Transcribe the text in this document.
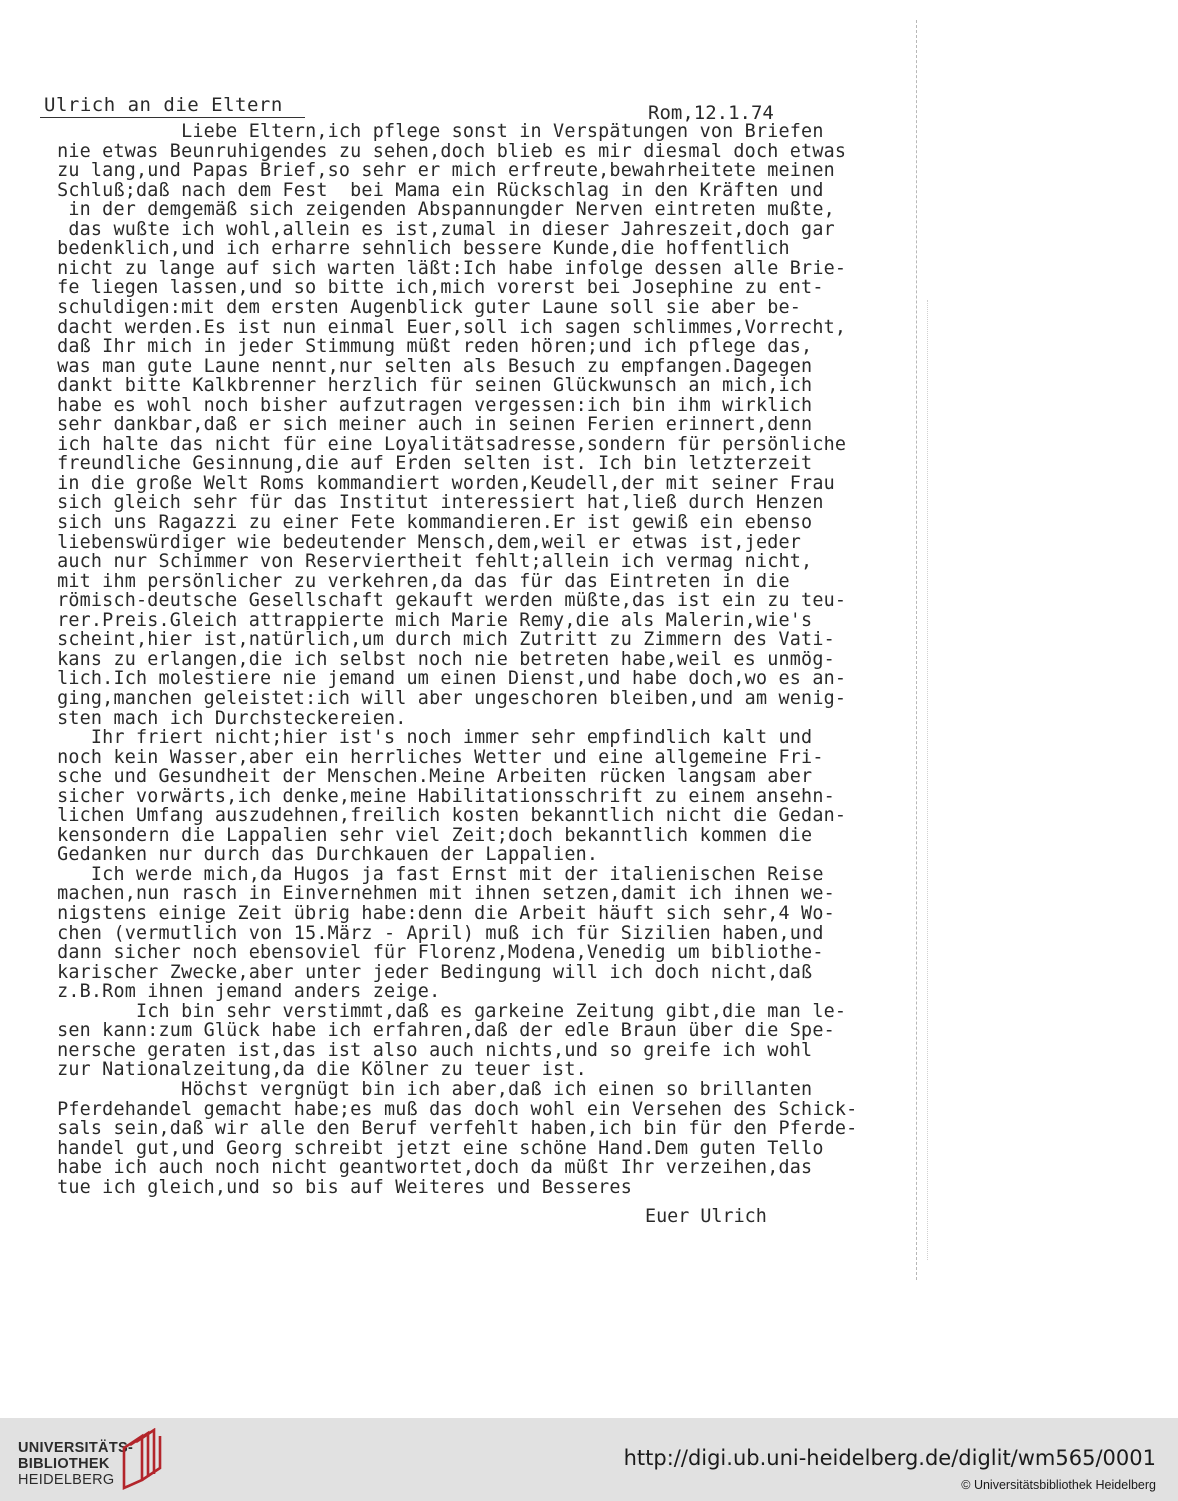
Ulrich an die Eltern	Rom,12.1.74
Liebe Eltern,ich pflege sonst in Verspätungen von Briefen
nie etwas Beunruhigendes zu sehen,doch blieb es mir diesmal doch etwas
zu lang,und Papas Brief,so sehr er mich erfreute,bewahrheitete meinen
Schluß;daß nach dem Fest  bei Mama ein Rückschlag in den Kräften und
in der demgemäß sich zeigenden Abspannungder Nerven eintreten mußte,
das wußte ich wohl,allein es ist,zumal in dieser Jahreszeit,doch gar
bedenklich,und ich erharre sehnlich bessere Kunde,die hoffentlich
nicht zu lange auf sich warten läßt:Ich habe infolge dessen alle Brie-
fe liegen lassen,und so bitte ich,mich vorerst bei Josephine zu ent-
schuldigen:mit dem ersten Augenblick guter Laune soll sie aber be-
dacht werden.Es ist nun einmal Euer,soll ich sagen schlimmes,Vorrecht,
daß Ihr mich in jeder Stimmung müßt reden hören;und ich pflege das,
was man gute Laune nennt,nur selten als Besuch zu empfangen.Dagegen
dankt bitte Kalkbrenner herzlich für seinen Glückwunsch an mich,ich
habe es wohl noch bisher aufzutragen vergessen:ich bin ihm wirklich
sehr dankbar,daß er sich meiner auch in seinen Ferien erinnert,denn
ich halte das nicht für eine Loyalitätsadresse,sondern für persönliche
freundliche Gesinnung,die auf Erden selten ist. Ich bin letzterzeit
in die große Welt Roms kommandiert worden,Keudell,der mit seiner Frau
sich gleich sehr für das Institut interessiert hat,ließ durch Henzen
sich uns Ragazzi zu einer Fete kommandieren.Er ist gewiß ein ebenso
liebenswürdiger wie bedeutender Mensch,dem,weil er etwas ist,jeder
auch nur Schimmer von Reserviertheit fehlt;allein ich vermag nicht,
mit ihm persönlicher zu verkehren,da das für das Eintreten in die
römisch-deutsche Gesellschaft gekauft werden müßte,das ist ein zu teu-
rer.Preis.Gleich attrappierte mich Marie Remy,die als Malerin,wie's
scheint,hier ist,natürlich,um durch mich Zutritt zu Zimmern des Vati-
kans zu erlangen,die ich selbst noch nie betreten habe,weil es unmög-
lich.Ich molestiere nie jemand um einen Dienst,und habe doch,wo es an-
ging,manchen geleistet:ich will aber ungeschoren bleiben,und am wenig-
sten mach ich Durchsteckereien.
Ihr friert nicht;hier ist's noch immer sehr empfindlich kalt und
noch kein Wasser,aber ein herrliches Wetter und eine allgemeine Fri-
sche und Gesundheit der Menschen.Meine Arbeiten rücken langsam aber
sicher vorwärts,ich denke,meine Habilitationsschrift zu einem ansehn-
lichen Umfang auszudehnen,freilich kosten bekanntlich nicht die Gedan-
kensondern die Lappalien sehr viel Zeit;doch bekanntlich kommen die
Gedanken nur durch das Durchkauen der Lappalien.
Ich werde mich,da Hugos ja fast Ernst mit der italienischen Reise
machen,nun rasch in Einvernehmen mit ihnen setzen,damit ich ihnen we-
nigstens einige Zeit übrig habe:denn die Arbeit häuft sich sehr,4 Wo-
chen (vermutlich von 15.März - April) muß ich für Sizilien haben,und
dann sicher noch ebensoviel für Florenz,Modena,Venedig um bibliothe-
karischer Zwecke,aber unter jeder Bedingung will ich doch nicht,daß
z.B.Rom ihnen jemand anders zeige.
Ich bin sehr verstimmt,daß es garkeine Zeitung gibt,die man le-
sen kann:zum Glück habe ich erfahren,daß der edle Braun über die Spe-
nersche geraten ist,das ist also auch nichts,und so greife ich wohl
zur Nationalzeitung,da die Kölner zu teuer ist.
Höchst vergnügt bin ich aber,daß ich einen so brillanten
Pferdehandel gemacht habe;es muß das doch wohl ein Versehen des Schick-
sals sein,daß wir alle den Beruf verfehlt haben,ich bin für den Pferde-
handel gut,und Georg schreibt jetzt eine schöne Hand.Dem guten Tello
habe ich auch noch nicht geantwortet,doch da müßt Ihr verzeihen,das
tue ich gleich,und so bis auf Weiteres und Besseres
Euer Ulrich
UNIVERSITÄTS-
BIBLIOTHEK
HEIDELBERG
http://digi.ub.uni-heidelberg.de/diglit/wm565/0001
© Universitätsbibliothek Heidelberg
